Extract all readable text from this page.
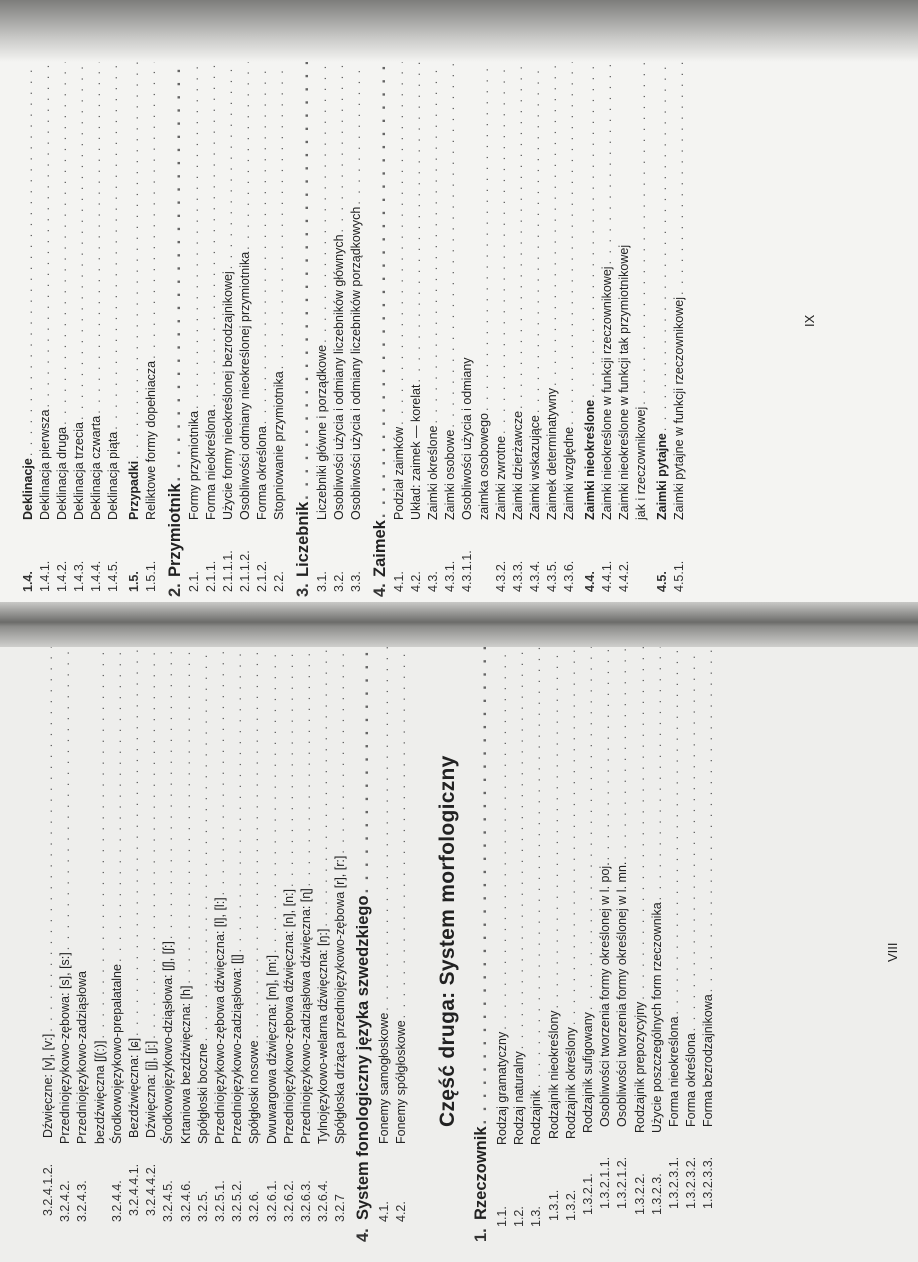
3.2.4.1.2.
Dźwięczne: [v], [v:]
. . .
3.2.4.2.
Przedniojęzykowo-zębowa: [s], [s:]
. . .
3.2.4.3.
Przedniojęzykowo-zadziąsłowa bezdźwięczna [ʃ(:)]
. . .
3.2.4.4.
Środkowojęzykowo-prepalatalne
. . .
3.2.4.4.1.
Bezdźwięczna: [ɕ]
. . .
3.2.4.4.2.
Dźwięczna: [j], [j:]
. . .
3.2.4.5.
Środkowojęzykowo-dziąsłowa: [ʃ], [ʃ:]
. . .
3.2.4.6.
Krtaniowa bezdźwięczna: [h]
. . .
3.2.5.
Spółgłoski boczne
. . .
3.2.5.1.
Przedniojęzykowo-zębowa dźwięczna: [l], [l:]
. . .
3.2.5.2.
Przedniojęzykowo-zadziąsłowa: [ɭ]
. . .
3.2.6.
Spółgłoski nosowe
. . .
3.2.6.1.
Dwuwargowa dźwięczna: [m], [m:]
. . .
3.2.6.2.
Przedniojęzykowo-zębowa dźwięczna: [n], [n:]
. . .
3.2.6.3.
Przedniojęzykowo-zadziąsłowa dźwięczna: [ɳ]
. . .
3.2.6.4.
Tylnojęzykowo-welarna dźwięczna: [ŋ:]
. . .
3.2.7
Spółgłoska drżąca przedniojęzykowo-zębowa [r], [r:]
. . .
4.
System fonologiczny języka szwedzkiego
. . . 4.1.
Fonemy samogłoskowe
. . .
4.2.
Fonemy spółgłoskowe
. . .
1.
Rzeczownik
. . . 1.1.
Rodzaj gramatyczny
. . .
1.2.
Rodzaj naturalny
. . .
1.3.
Rodzajnik
. . .
1.3.1.
Rodzajnik nieokreślony
. . .
1.3.2.
Rodzajnik określony
. . .
1.3.2.1.
Rodzajnik sufigowany
. . .
1.3.2.1.1.
Osobliwości tworzenia formy określonej w l. poj.
. . .
1.3.2.1.2.
Osobliwości tworzenia formy określonej w l. mn.
. . .
1.3.2.2.
Rodzajnik prepozycyjny
. . .
1.3.2.3.
Użycie poszczególnych form rzeczownika
. . .
1.3.2.3.1.
Forma nieokreślona
. . .
1.3.2.3.2.
Forma określona
. . .
1.3.2.3.3.
Forma bezrodzajnikowa
. . .
Część druga: System morfologiczny	VIII
1.4.
Deklinacje
. . .
1.4.1.
Deklinacja pierwsza
. . .
1.4.2.
Deklinacja druga
. . .
1.4.3.
Deklinacja trzecia
. . .
1.4.4.
Deklinacja czwarta
. . .
1.4.5.
Deklinacja piąta
. . .
1.5.
Przypadki
. . .
1.5.1.
Reliktowe formy dopełniacza
. . .
2.
Przymiotnik
. . .
2.1.
Formy przymiotnika
. . .
2.1.1.
Forma nieokreślona
. . .
2.1.1.1.
Użycie formy nieokreślonej bezrodzajnikowej
. . .
2.1.1.2.
Osobliwości odmiany nieokreślonej przymiotnika
. . .
2.1.2.
Forma określona
. . .
2.2.
Stopniowanie przymiotnika
. . .
3.
Liczebnik
. . .
3.1.
Liczebniki główne i porządkowe
. . .
3.2.
Osobliwości użycia i odmiany liczebników głównych
. . .
3.3.
Osobliwości użycia i odmiany liczebników porządkowych
. . .
4.
Zaimek
. . .
4.1.
Podział zaimków
. . .
4.2.
Układ: zaimek — korelat
. . .
4.3.
Zaimki określone
. . .
4.3.1.
Zaimki osobowe
. . .
4.3.1.1.
Osobliwości użycia i odmiany zaimka osobowego
. . .
4.3.2.
Zaimki zwrotne
. . .
4.3.3.
Zaimki dzierżawcze
. . .
4.3.4.
Zaimki wskazujące
. . .
4.3.5.
Zaimek determinatywny
. . .
4.3.6.
Zaimki względne
. . .
4.4.
Zaimki nieokreślone
. . .
4.4.1.
Zaimki nieokreślone w funkcji rzeczownikowej
. . .
4.4.2.
Zaimki nieokreślone w funkcji tak przymiotnikowej jak i rzeczownikowej
. . .
4.5.
Zaimki pytajne
. . .
4.5.1.
Zaimki pytajne w funkcji rzeczownikowej
. . .	IX
